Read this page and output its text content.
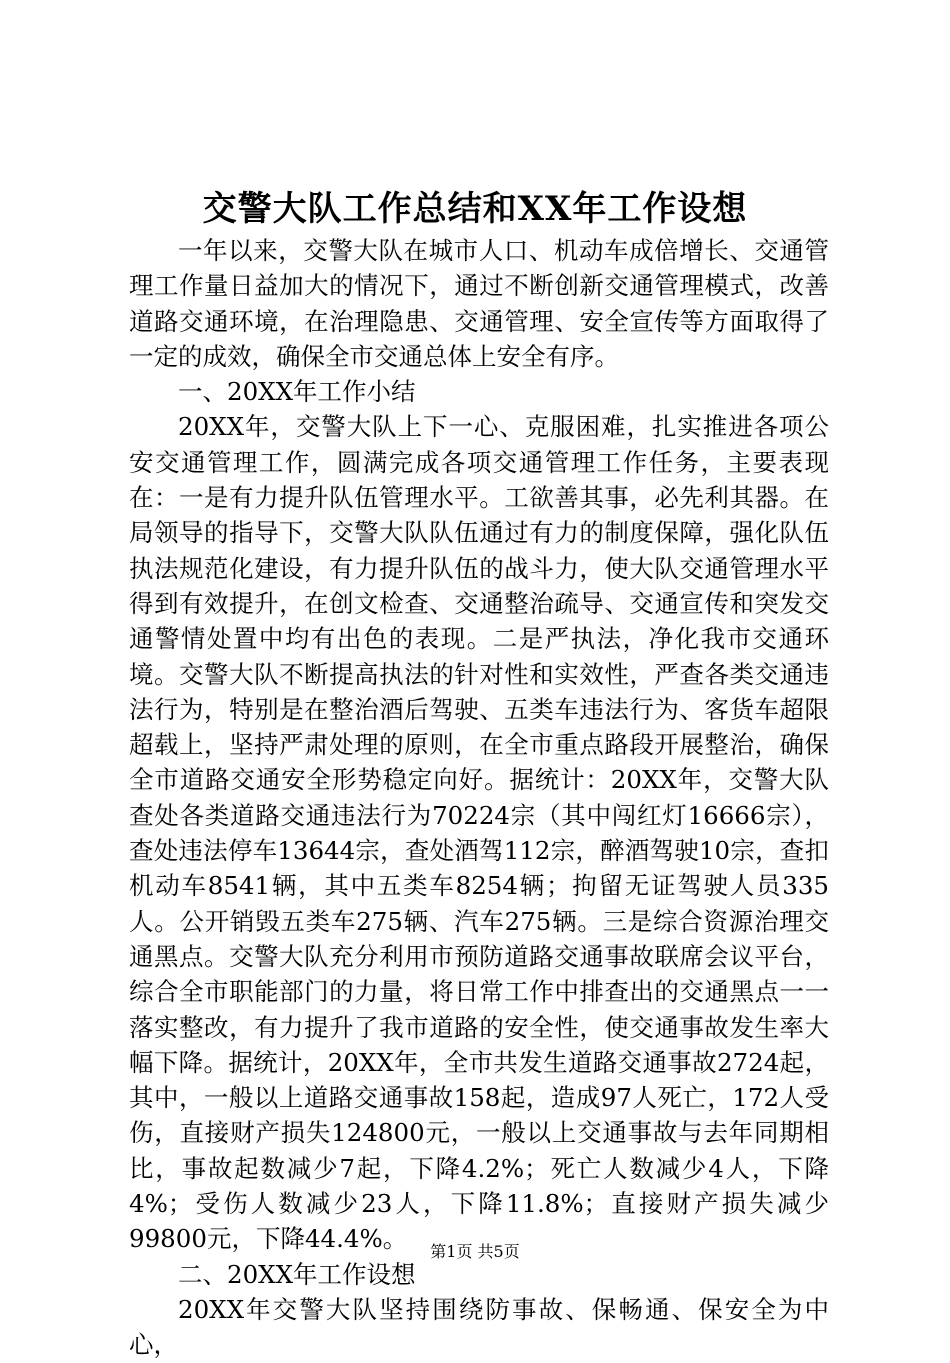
交警大队工作总结和XX年工作设想

一年以来，交警大队在城市人口、机动车成倍增长、交通管理工作量日益加大的情况下，通过不断创新交通管理模式，改善道路交通环境，在治理隐患、交通管理、安全宣传等方面取得了一定的成效，确保全市交通总体上安全有序。

一、20XX年工作小结

20XX年，交警大队上下一心、克服困难，扎实推进各项公安交通管理工作，圆满完成各项交通管理工作任务，主要表现在：一是有力提升队伍管理水平。工欲善其事，必先利其器。在局领导的指导下，交警大队队伍通过有力的制度保障，强化队伍执法规范化建设，有力提升队伍的战斗力，使大队交通管理水平得到有效提升，在创文检查、交通整治疏导、交通宣传和突发交通警情处置中均有出色的表现。二是严执法，净化我市交通环境。交警大队不断提高执法的针对性和实效性，严查各类交通违法行为，特别是在整治酒后驾驶、五类车违法行为、客货车超限超载上，坚持严肃处理的原则，在全市重点路段开展整治，确保全市道路交通安全形势稳定向好。据统计：20XX年，交警大队查处各类道路交通违法行为70224宗（其中闯红灯16666宗），查处违法停车13644宗，查处酒驾112宗，醉酒驾驶10宗，查扣机动车8541辆，其中五类车8254辆；拘留无证驾驶人员335人。公开销毁五类车275辆、汽车275辆。三是综合资源治理交通黑点。交警大队充分利用市预防道路交通事故联席会议平台，综合全市职能部门的力量，将日常工作中排查出的交通黑点一一落实整改，有力提升了我市道路的安全性，使交通事故发生率大幅下降。据统计，20XX年，全市共发生道路交通事故2724起，其中，一般以上道路交通事故158起，造成97人死亡，172人受伤，直接财产损失124800元，一般以上交通事故与去年同期相比，事故起数减少7起，下降4.2%；死亡人数减少4人，下降4%；受伤人数减少23人，下降11.8%；直接财产损失减少99800元，下降44.4%。

二、20XX年工作设想

20XX年交警大队坚持围绕防事故、保畅通、保安全为中心，

第1页 共5页
